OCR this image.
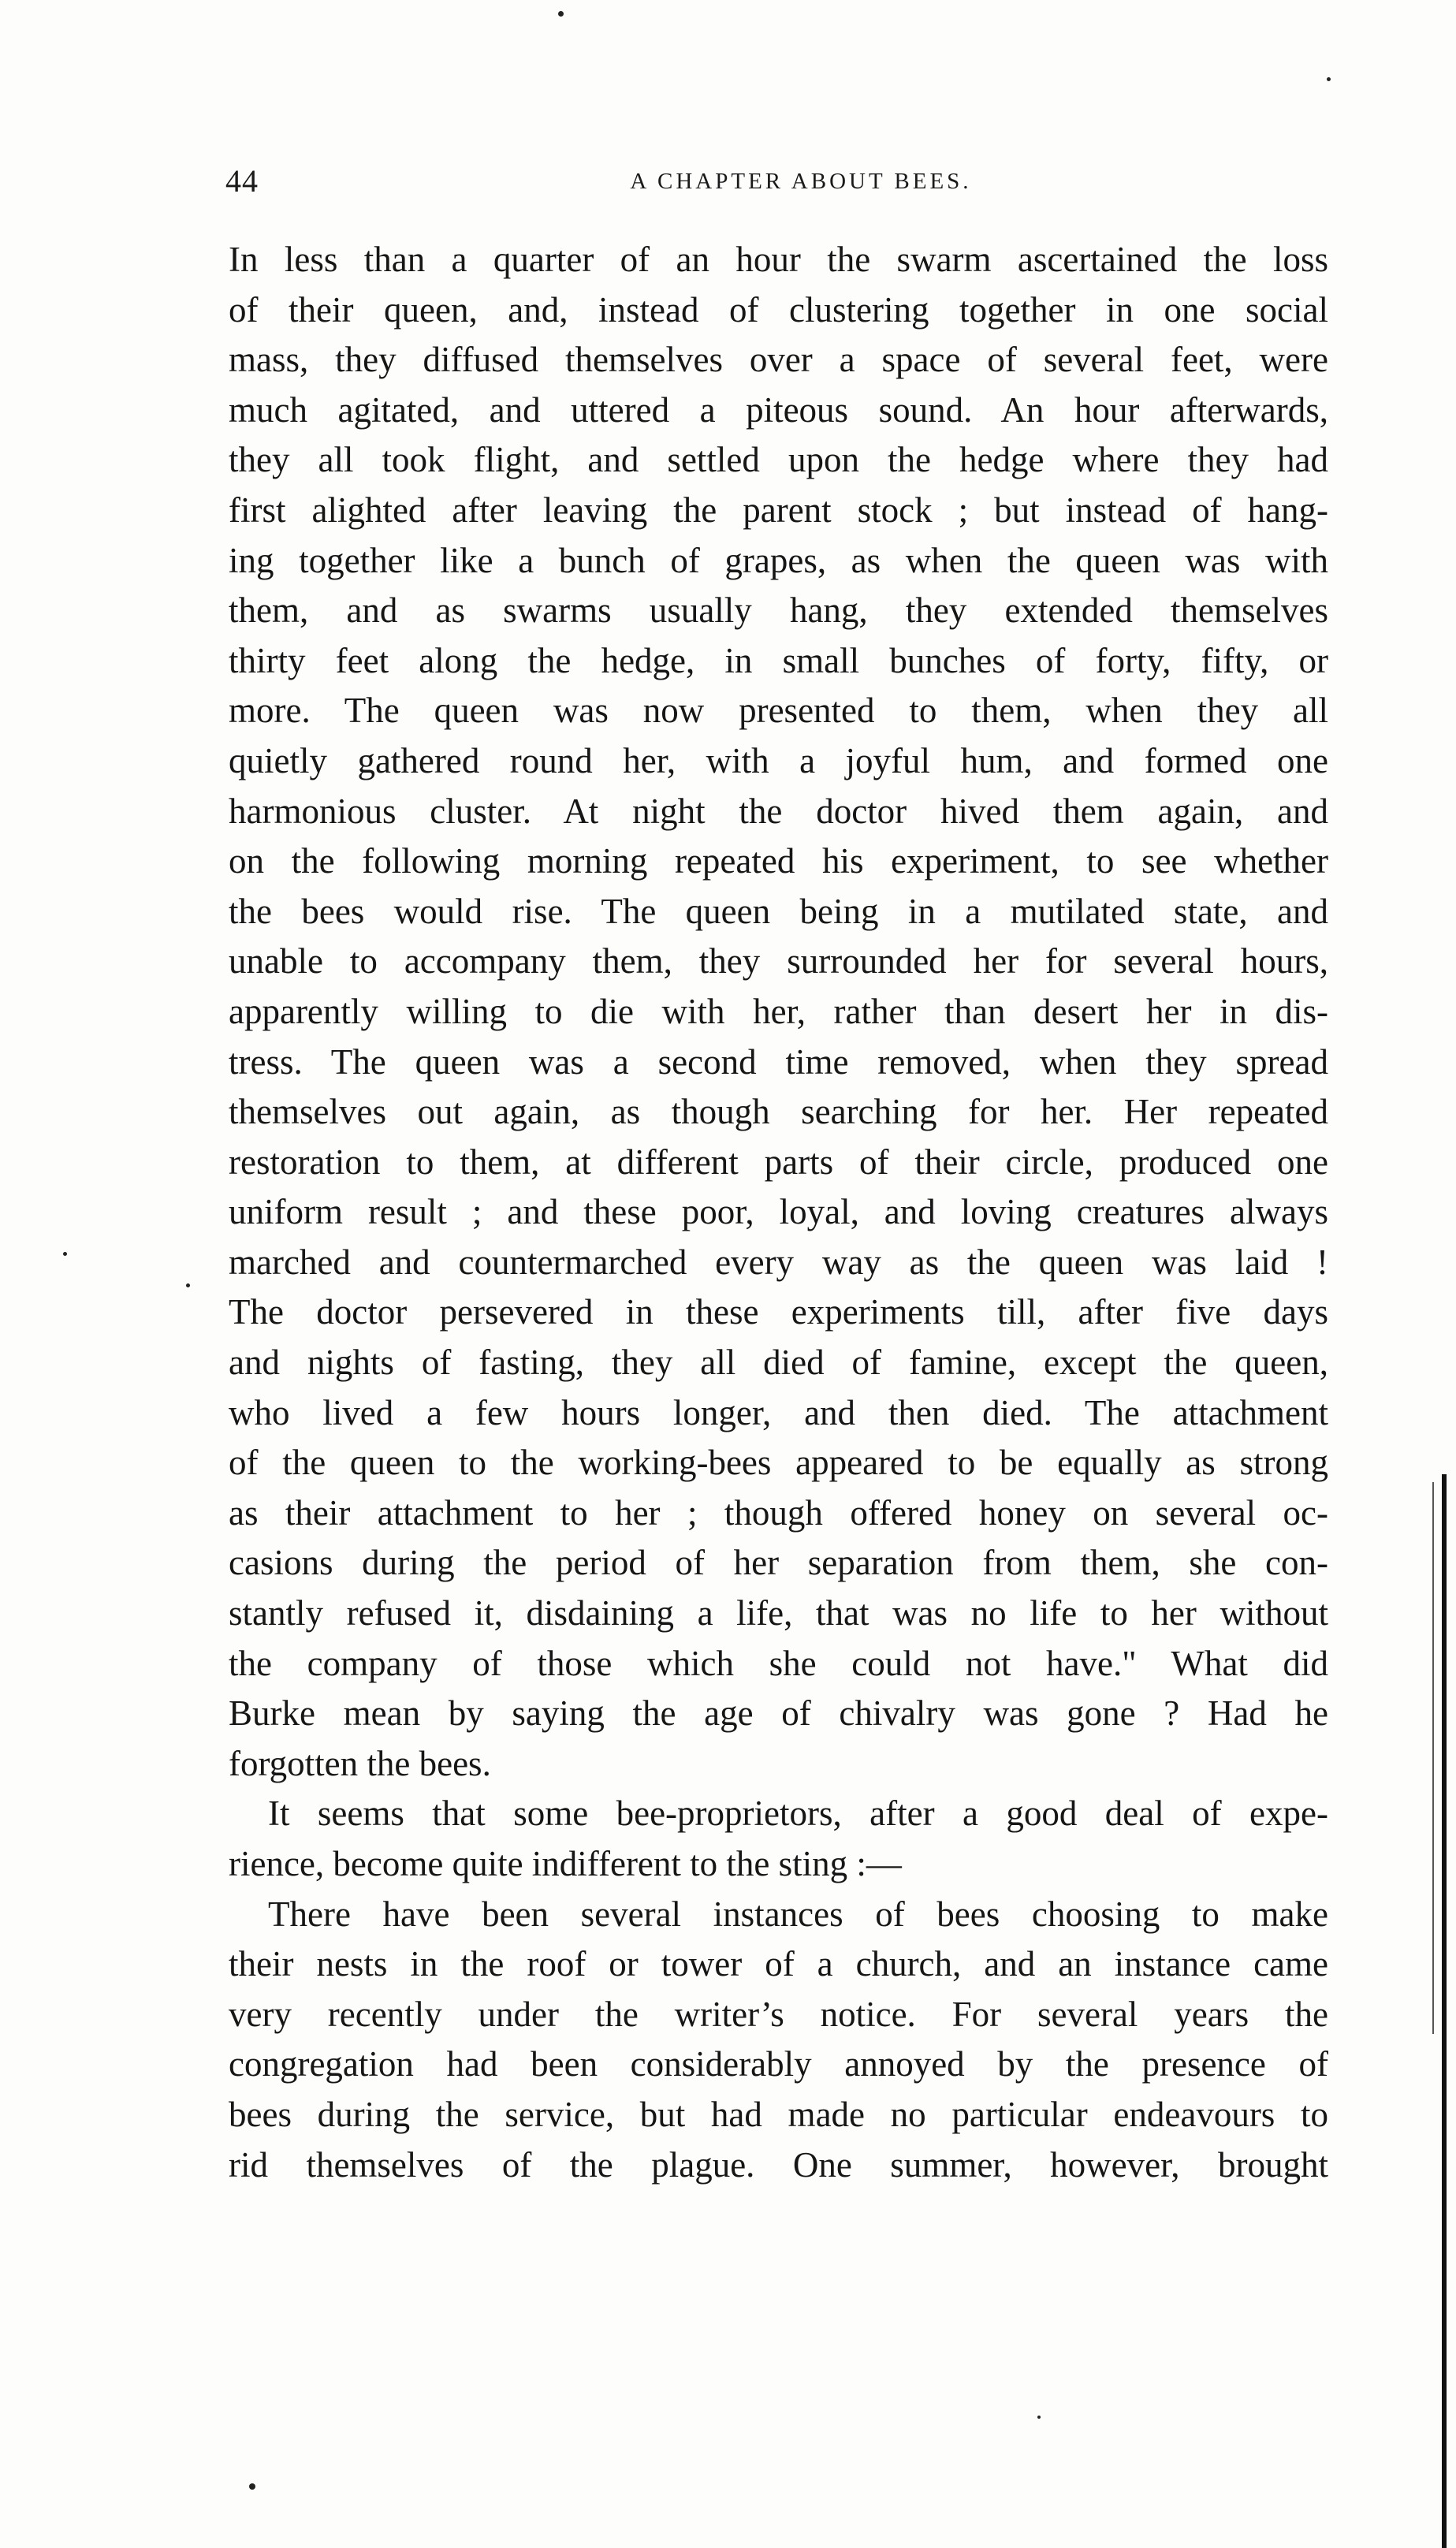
44	A CHAPTER ABOUT BEES.
In less than a quarter of an hour the swarm ascertained the loss
of their queen, and, instead of clustering together in one social
mass, they diffused themselves over a space of several feet, were
much agitated, and uttered a piteous sound. An hour afterwards,
they all took flight, and settled upon the hedge where they had
first alighted after leaving the parent stock ; but instead of hang-
ing together like a bunch of grapes, as when the queen was with
them, and as swarms usually hang, they extended themselves
thirty feet along the hedge, in small bunches of forty, fifty, or
more. The queen was now presented to them, when they all
quietly gathered round her, with a joyful hum, and formed one
harmonious cluster. At night the doctor hived them again, and
on the following morning repeated his experiment, to see whether
the bees would rise. The queen being in a mutilated state, and
unable to accompany them, they surrounded her for several hours,
apparently willing to die with her, rather than desert her in dis-
tress. The queen was a second time removed, when they spread
themselves out again, as though searching for her. Her repeated
restoration to them, at different parts of their circle, produced one
uniform result ; and these poor, loyal, and loving creatures always
marched and countermarched every way as the queen was laid !
The doctor persevered in these experiments till, after five days
and nights of fasting, they all died of famine, except the queen,
who lived a few hours longer, and then died. The attachment
of the queen to the working-bees appeared to be equally as strong
as their attachment to her ; though offered honey on several oc-
casions during the period of her separation from them, she con-
stantly refused it, disdaining a life, that was no life to her without
the company of those which she could not have." What did
Burke mean by saying the age of chivalry was gone ? Had he
forgotten the bees.
It seems that some bee-proprietors, after a good deal of expe-
rience, become quite indifferent to the sting :—
There have been several instances of bees choosing to make
their nests in the roof or tower of a church, and an instance came
very recently under the writer’s notice. For several years the
congregation had been considerably annoyed by the presence of
bees during the service, but had made no particular endeavours to
rid themselves of the plague. One summer, however, brought
